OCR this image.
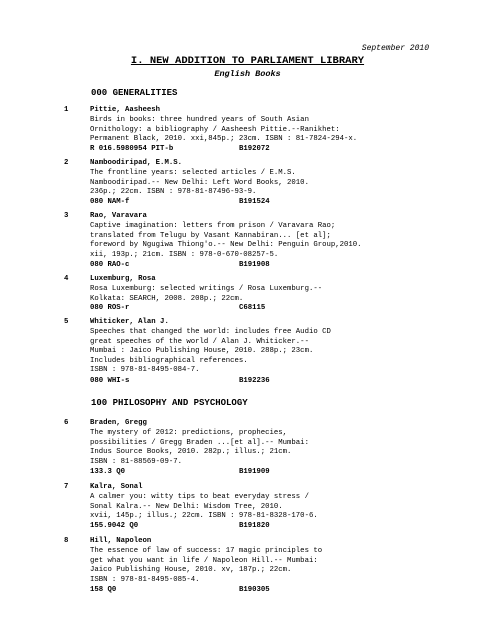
September 2010
I. NEW ADDITION TO PARLIAMENT LIBRARY
English Books
000 GENERALITIES
1	Pittie, Aasheesh
Birds in books: three hundred years of South Asian
Ornithology: a bibliography / Aasheesh Pittie.--Ranikhet:
Permanent Black, 2010. xxi,845p.; 23cm. ISBN : 81-7824-294-x.
R 016.5980954 PIT-b	B192072
2	Namboodiripad, E.M.S.
The frontline years: selected articles / E.M.S.
Namboodiripad.-- New Delhi: Left Word Books, 2010.
236p.; 22cm. ISBN : 978-81-87496-93-9.
080 NAM-f	B191524
3	Rao, Varavara
Captive imagination: letters from prison / Varavara Rao;
translated from Telugu by Vasant Kannabiran... [et al];
foreword by Ngugiwa Thiong'o.-- New Delhi: Penguin Group,2010.
xii, 193p.; 21cm. ISBN : 978-0-670-08257-5.
080 RAO-c	B191908
4	Luxemburg, Rosa
Rosa Luxemburg: selected writings / Rosa Luxemburg.--
Kolkata: SEARCH, 2008. 208p.; 22cm.
080 ROS-r	C68115
5	Whiticker, Alan J.
Speeches that changed the world: includes free Audio CD
great speeches of the world / Alan J. Whiticker.--
Mumbai : Jaico Publishing House, 2010. 288p.; 23cm.
Includes bibliographical references.
ISBN : 978-81-8495-084-7.
080 WHI-s	B192236
100 PHILOSOPHY AND PSYCHOLOGY
6	Braden, Gregg
The mystery of 2012: predictions, prophecies,
possibilities / Gregg Braden ...[et al].-- Mumbai:
Indus Source Books, 2010. 282p.; illus.; 21cm.
ISBN : 81-88569-09-7.
133.3 Q0	B191909
7	Kalra, Sonal
A calmer you: witty tips to beat everyday stress /
Sonal Kalra.-- New Delhi: Wisdom Tree, 2010.
xvii, 145p.; illus.; 22cm. ISBN : 978-81-8328-170-6.
155.9042 Q0	B191820
8	Hill, Napoleon
The essence of law of success: 17 magic principles to
get what you want in life / Napoleon Hill.-- Mumbai:
Jaico Publishing House, 2010. xv, 187p.; 22cm.
ISBN : 978-81-8495-085-4.
158 Q0	B190305
